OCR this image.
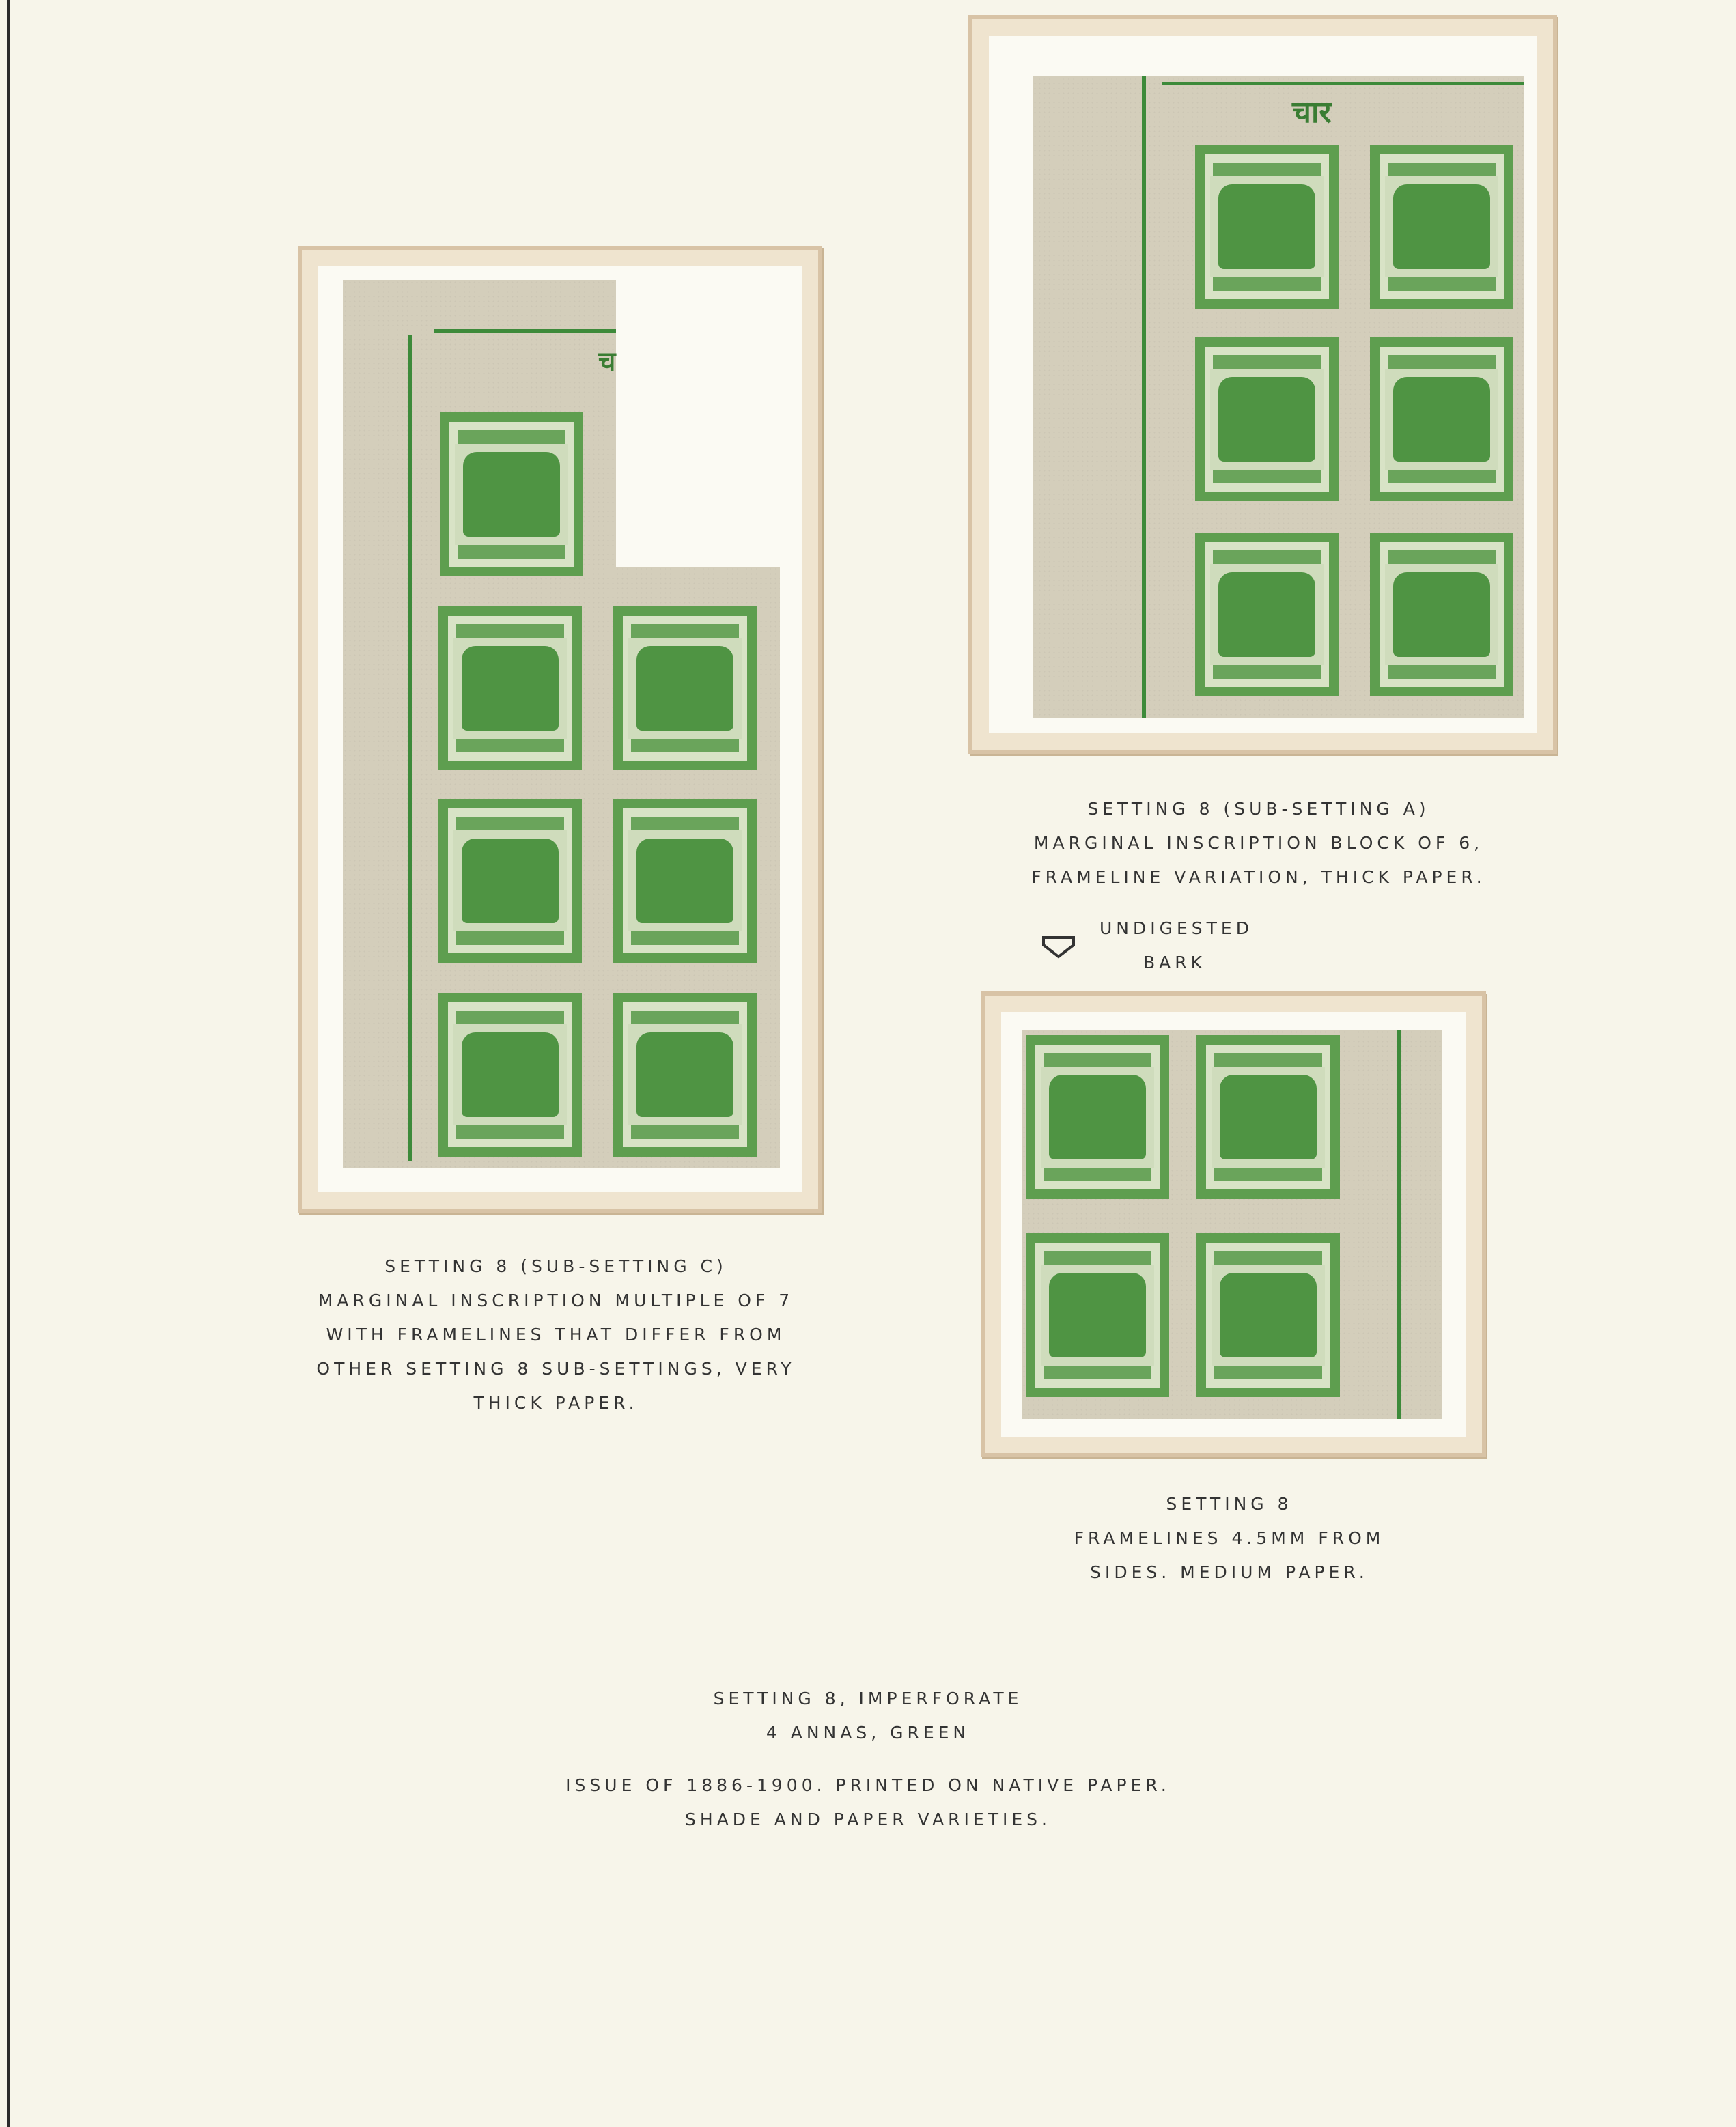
चार
SETTING 8 (SUB-SETTING A)
MARGINAL INSCRIPTION BLOCK OF 6,
FRAMELINE VARIATION, THICK PAPER.
UNDIGESTED
BARK
च
SETTING 8 (SUB-SETTING C)
MARGINAL INSCRIPTION MULTIPLE OF 7
WITH FRAMELINES THAT DIFFER FROM
OTHER SETTING 8 SUB-SETTINGS, VERY
THICK PAPER.
SETTING 8
FRAMELINES 4.5MM FROM
SIDES. MEDIUM PAPER.
SETTING 8, IMPERFORATE
4 ANNAS, GREEN
ISSUE OF 1886-1900. PRINTED ON NATIVE PAPER.
SHADE AND PAPER VARIETIES.
